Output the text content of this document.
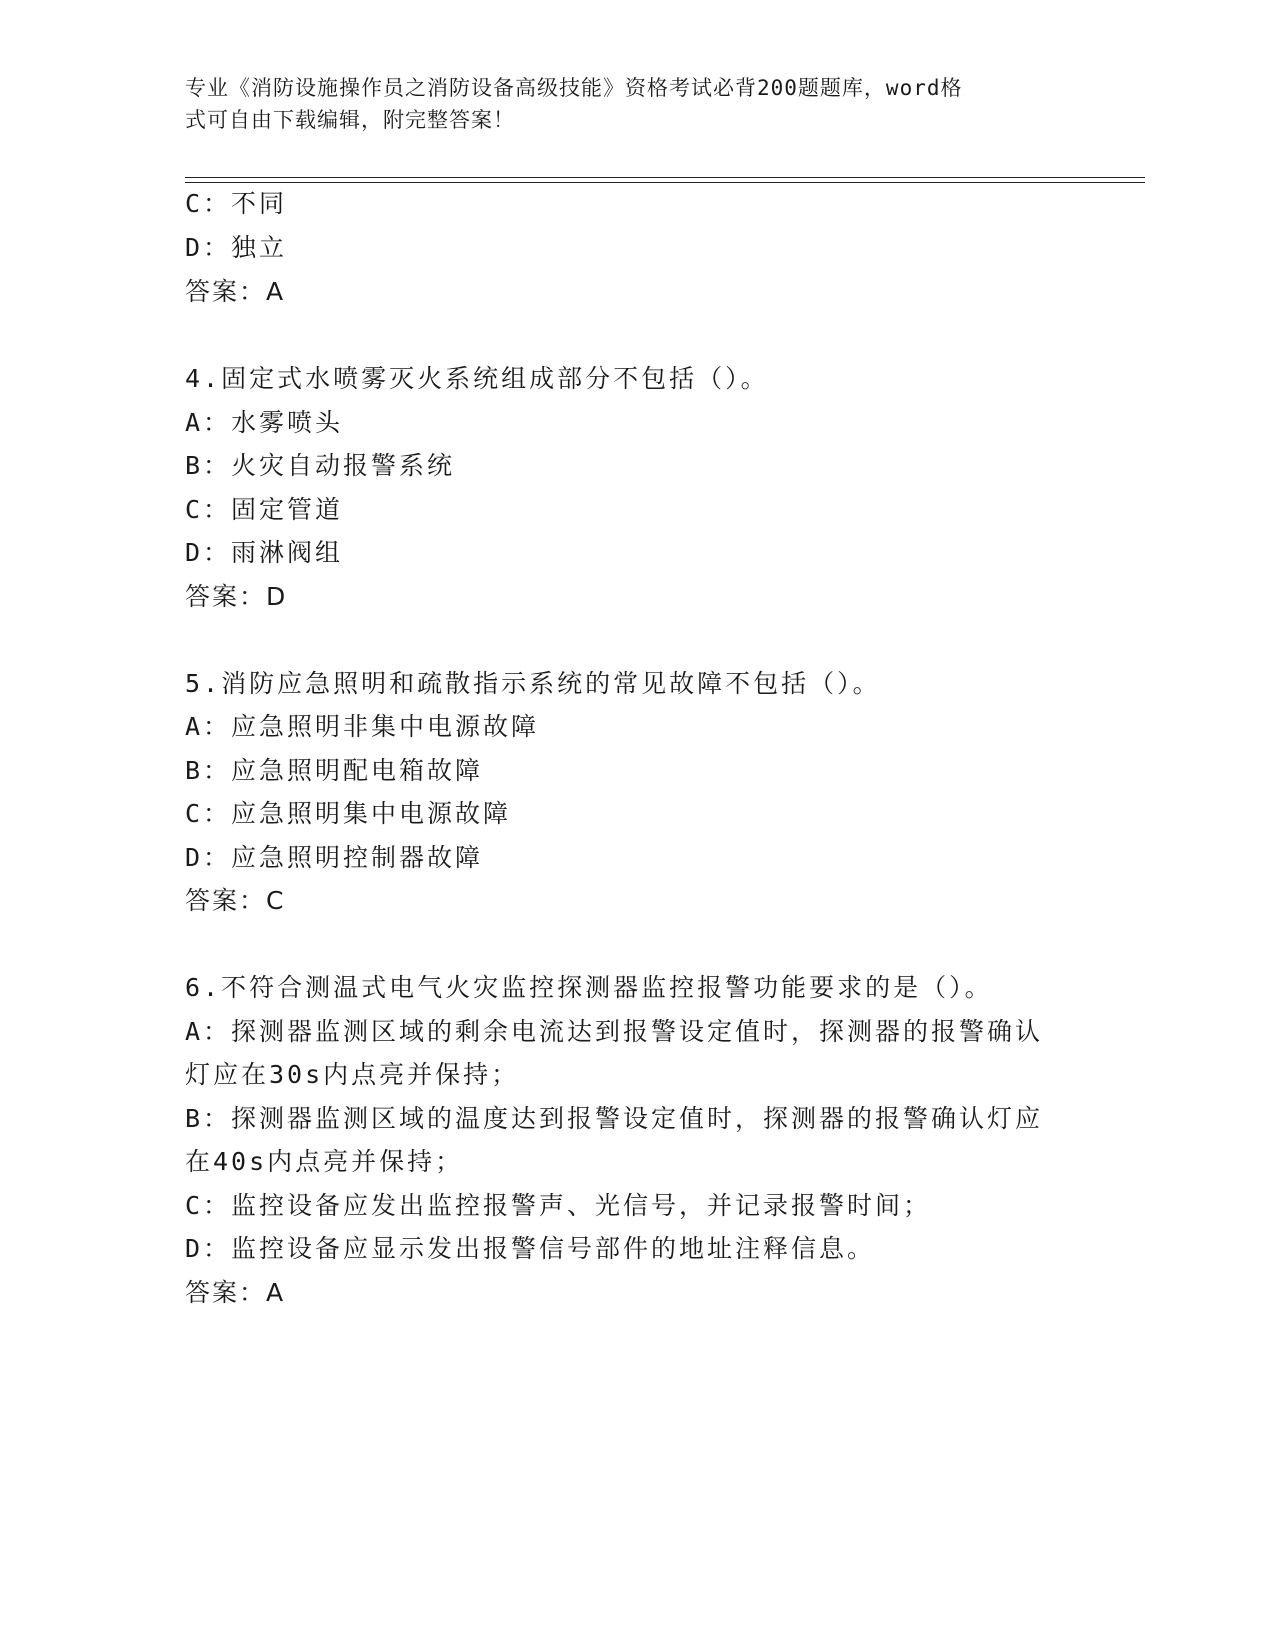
专业《消防设施操作员之消防设备高级技能》资格考试必背200题题库，word格
式可自由下载编辑，附完整答案！
C：不同
D：独立
答案：A
4.固定式水喷雾灭火系统组成部分不包括（）。
A：水雾喷头
B：火灾自动报警系统
C：固定管道
D：雨淋阀组
答案：D
5.消防应急照明和疏散指示系统的常见故障不包括（）。
A：应急照明非集中电源故障
B：应急照明配电箱故障
C：应急照明集中电源故障
D：应急照明控制器故障
答案：C
6.不符合测温式电气火灾监控探测器监控报警功能要求的是（）。
A：探测器监测区域的剩余电流达到报警设定值时，探测器的报警确认
灯应在30s内点亮并保持；
B：探测器监测区域的温度达到报警设定值时，探测器的报警确认灯应
在40s内点亮并保持；
C：监控设备应发出监控报警声、光信号，并记录报警时间；
D：监控设备应显示发出报警信号部件的地址注释信息。
答案：A
